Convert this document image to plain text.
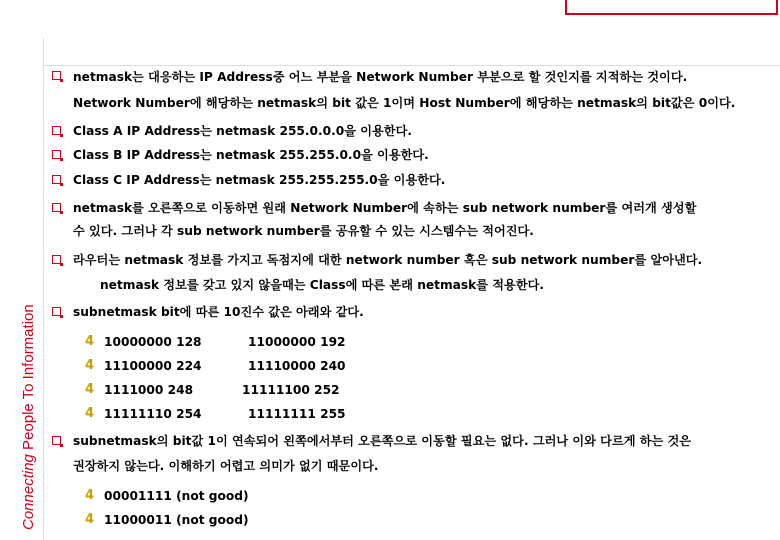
Connecting People To Information
netmask는 대응하는 IP Address중 어느 부분을 Network Number 부분으로 할 것인지를 지적하는 것이다.
Network Number에 해당하는 netmask의 bit 값은 1이며 Host Number에 해당하는 netmask의 bit값은 0이다.
Class A IP Address는 netmask 255.0.0.0을 이용한다.
Class B IP Address는 netmask 255.255.0.0을 이용한다.
Class C IP Address는 netmask 255.255.255.0을 이용한다.
netmask를 오른쪽으로 이동하면 원래 Network Number에 속하는 sub network number를 여러개 생성할
수 있다. 그러나 각 sub network number를 공유할 수 있는 시스템수는 적어진다.
라우터는 netmask 정보를 가지고 독점지에 대한 network number 혹은 sub network number를 알아낸다.
netmask 정보를 갖고 있지 않을때는 Class에 따른 본래 netmask를 적용한다.
subnetmask bit에 따른 10진수 값은 아래와 같다.
4 10000000 128	11000000 192
4 11100000 224	11110000 240
4 1111000 248	11111100 252
4 11111110 254	11111111 255
subnetmask의 bit값 1이 연속되어 왼쪽에서부터 오른쪽으로 이동할 필요는 없다. 그러나 이와 다르게 하는 것은
권장하지 않는다. 이해하기 어렵고 의미가 없기 때문이다.
4 00001111 (not good)
4 11000011 (not good)
